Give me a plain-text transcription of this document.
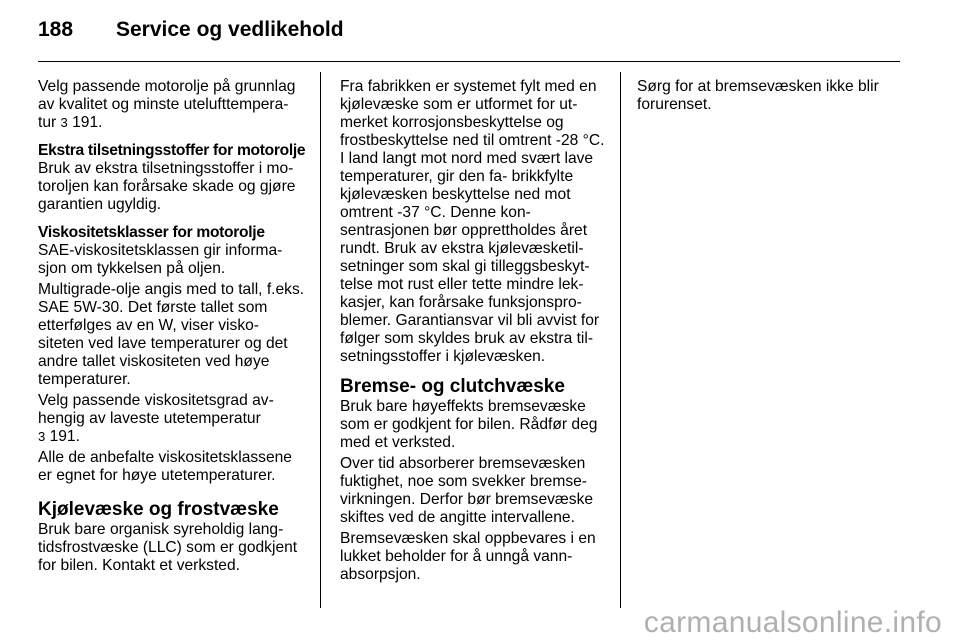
188 Service og vedlikehold

Velg passende motorolje på grunnlag av kvalitet og minste utelufttempera- tur 3 191.

Ekstra tilsetningsstoffer for motorolje

Bruk av ekstra tilsetningsstoffer i mo- toroljen kan forårsake skade og gjøre garantien ugyldig.

Viskositetsklasser for motorolje

SAE-viskositetsklassen gir informa- sjon om tykkelsen på oljen.

Multigrade-olje angis med to tall, f.eks. SAE 5W-30. Det første tallet som etterfølges av en W, viser visko- siteten ved lave temperaturer og det andre tallet viskositeten ved høye temperaturer.

Velg passende viskositetsgrad av- hengig av laveste utetemperatur
3 191.

Alle de anbefalte viskositetsklassene er egnet for høye utetemperaturer.

Kjølevæske og frostvæske

Bruk bare organisk syreholdig lang- tidsfrostvæske (LLC) som er godkjent for bilen. Kontakt et verksted.

Fra fabrikken er systemet fylt med en kjølevæske som er utformet for ut- merket korrosjonsbeskyttelse og frostbeskyttelse ned til omtrent -28 °C. I land langt mot nord med svært lave temperaturer, gir den fa- brikkfylte kjølevæsken beskyttelse ned mot omtrent -37 °C. Denne kon- sentrasjonen bør opprettholdes året rundt. Bruk av ekstra kjølevæsketil- setninger som skal gi tilleggsbeskyt- telse mot rust eller tette mindre lek- kasjer, kan forårsake funksjonspro- blemer. Garantiansvar vil bli avvist for følger som skyldes bruk av ekstra til- setningsstoffer i kjølevæsken.

Bremse- og clutchvæske

Bruk bare høyeffekts bremsevæske som er godkjent for bilen. Rådfør deg med et verksted.

Over tid absorberer bremsevæsken fuktighet, noe som svekker bremse- virkningen. Derfor bør bremsevæske skiftes ved de angitte intervallene.

Bremsevæsken skal oppbevares i en lukket beholder for å unngå vann- absorpsjon.

Sørg for at bremsevæsken ikke blir forurenset.

carmanualsonline.info
